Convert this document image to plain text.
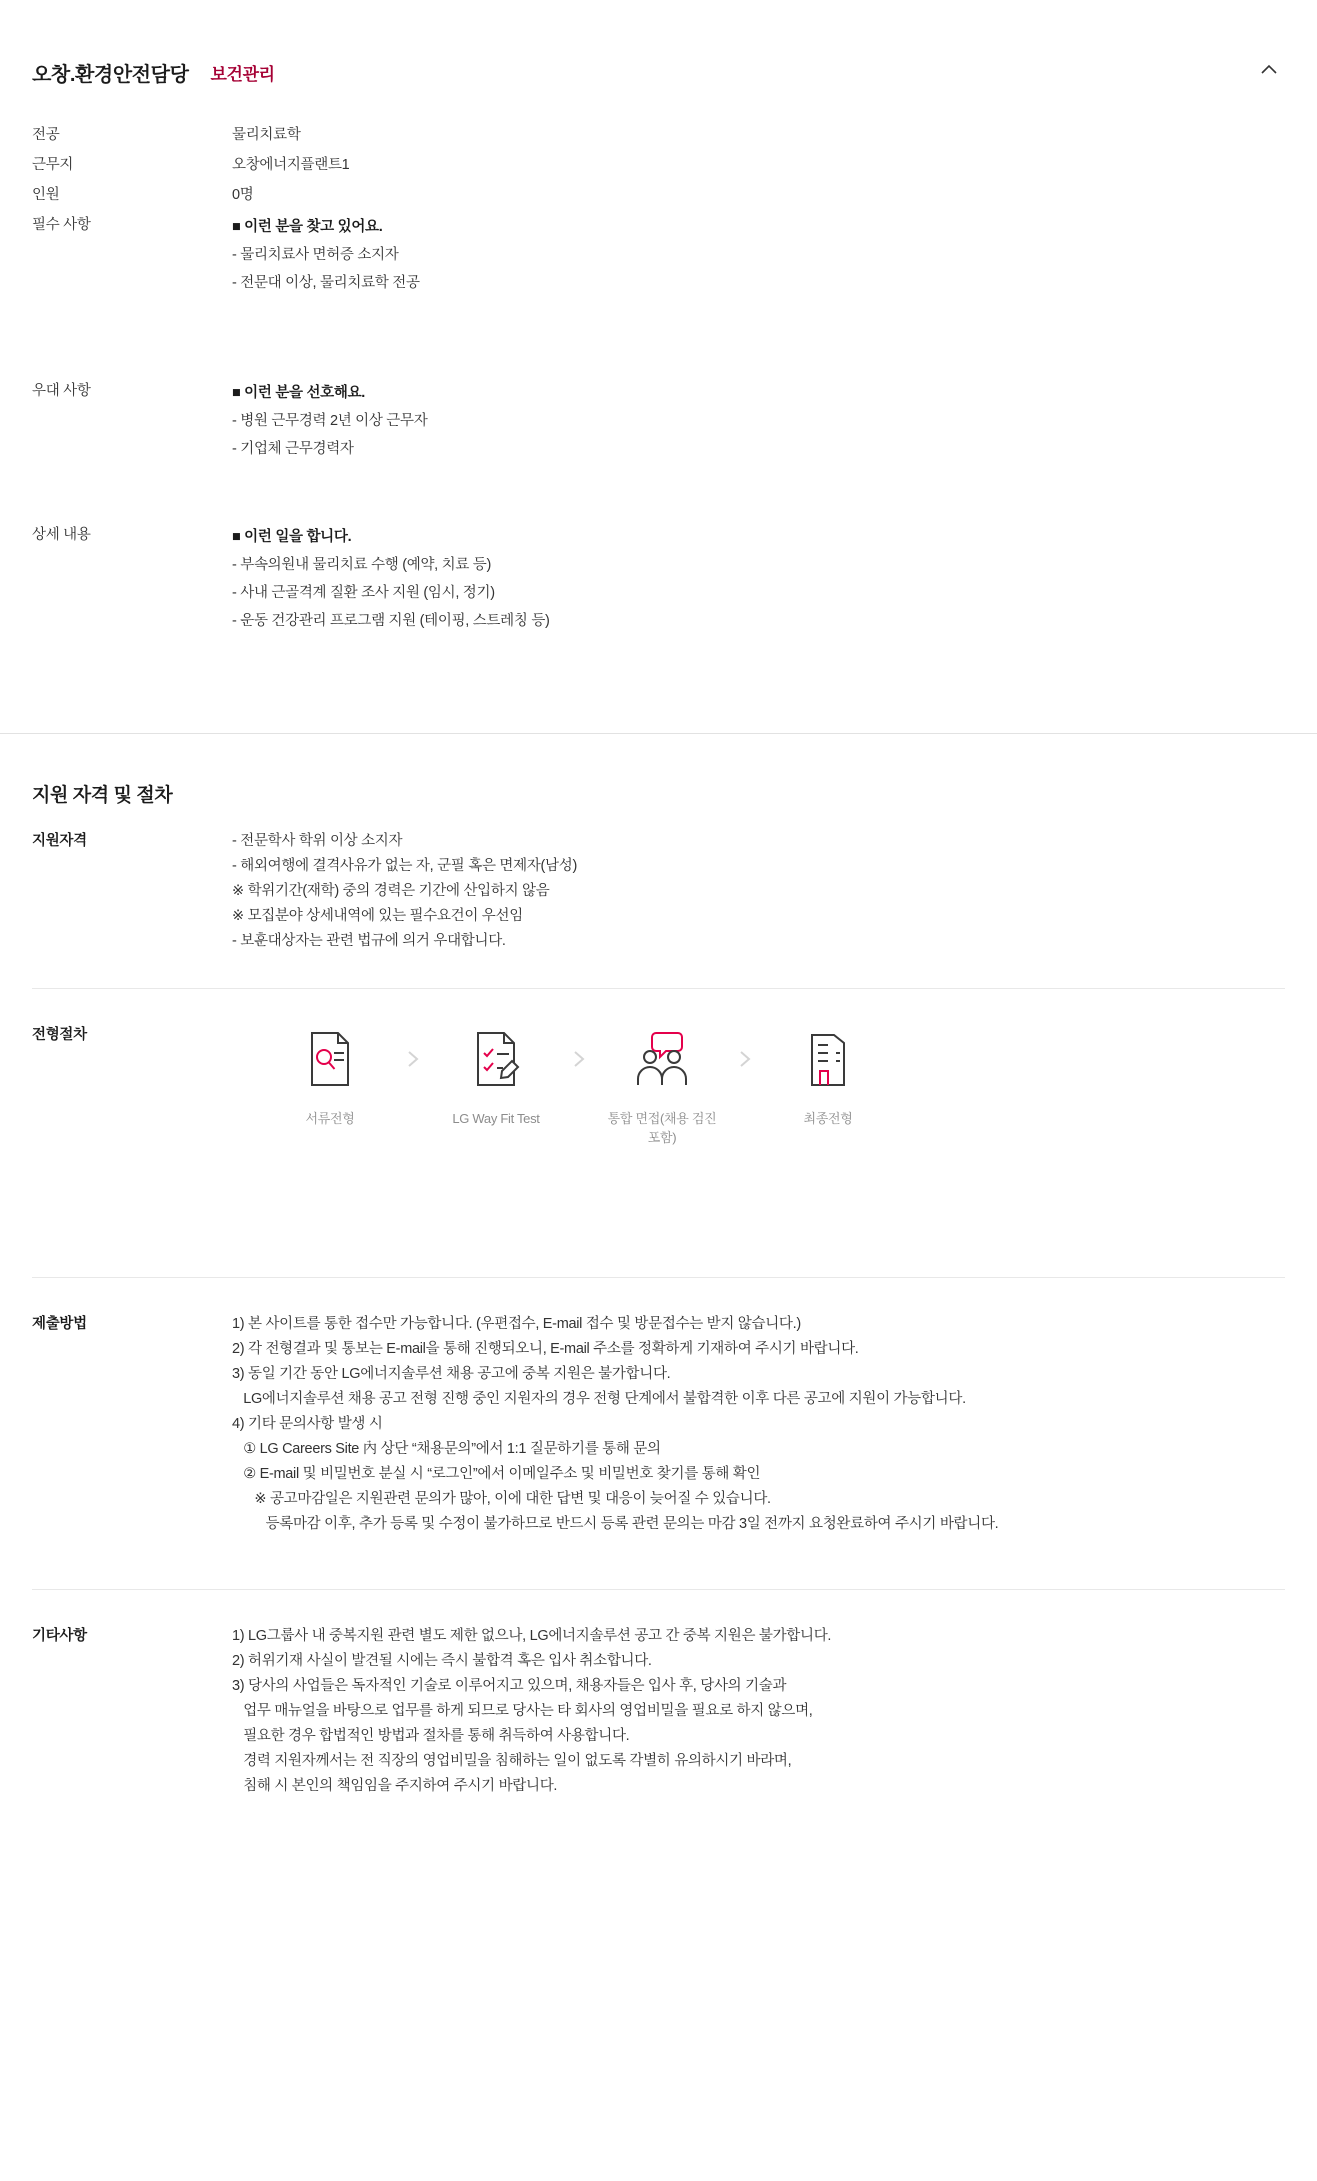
오창.환경안전담당 보건관리
전공	물리치료학
근무지	오창에너지플랜트1
인원	0명
필수 사항	■ 이런 분을 찾고 있어요.
- 물리치료사 면허증 소지자
- 전문대 이상, 물리치료학 전공
우대 사항	■ 이런 분을 선호해요.
- 병원 근무경력 2년 이상 근무자
- 기업체 근무경력자
상세 내용	■ 이런 일을 합니다.
- 부속의원내 물리치료 수행 (예약, 치료 등)
- 사내 근골격계 질환 조사 지원 (임시, 정기)
- 운동 건강관리 프로그램 지원 (테이핑, 스트레칭 등)
지원 자격 및 절차
지원자격	- 전문학사 학위 이상 소지자
- 해외여행에 결격사유가 없는 자, 군필 혹은 면제자(남성)
※ 학위기간(재학) 중의 경력은 기간에 산입하지 않음
※ 모집분야 상세내역에 있는 필수요건이 우선임
- 보훈대상자는 관련 법규에 의거 우대합니다.
전형절차
서류전형	LG Way Fit Test	통합 면접(채용 검진 포함)
최종전형
제출방법	1) 본 사이트를 통한 접수만 가능합니다. (우편접수, E-mail 접수 및 방문접수는 받지 않습니다.)
2) 각 전형결과 및 통보는 E-mail을 통해 진행되오니, E-mail 주소를 정확하게 기재하여 주시기 바랍니다.
3) 동일 기간 동안 LG에너지솔루션 채용 공고에 중복 지원은 불가합니다.
LG에너지솔루션 채용 공고 전형 진행 중인 지원자의 경우 전형 단계에서 불합격한 이후 다른 공고에 지원이 가능합니다.
4) 기타 문의사항 발생 시
① LG Careers Site 內 상단 “채용문의”에서 1:1 질문하기를 통해 문의
② E-mail 및 비밀번호 분실 시 “로그인”에서 이메일주소 및 비밀번호 찾기를 통해 확인
※ 공고마감일은 지원관련 문의가 많아, 이에 대한 답변 및 대응이 늦어질 수 있습니다.
등록마감 이후, 추가 등록 및 수정이 불가하므로 반드시 등록 관련 문의는 마감 3일 전까지 요청완료하여 주시기 바랍니다.
기타사항	1) LG그룹사 내 중복지원 관련 별도 제한 없으나, LG에너지솔루션 공고 간 중복 지원은 불가합니다.
2) 허위기재 사실이 발견될 시에는 즉시 불합격 혹은 입사 취소합니다.
3) 당사의 사업들은 독자적인 기술로 이루어지고 있으며, 채용자들은 입사 후, 당사의 기술과
업무 매뉴얼을 바탕으로 업무를 하게 되므로 당사는 타 회사의 영업비밀을 필요로 하지 않으며,
필요한 경우 합법적인 방법과 절차를 통해 취득하여 사용합니다.
경력 지원자께서는 전 직장의 영업비밀을 침해하는 일이 없도록 각별히 유의하시기 바라며,
침해 시 본인의 책임임을 주지하여 주시기 바랍니다.
